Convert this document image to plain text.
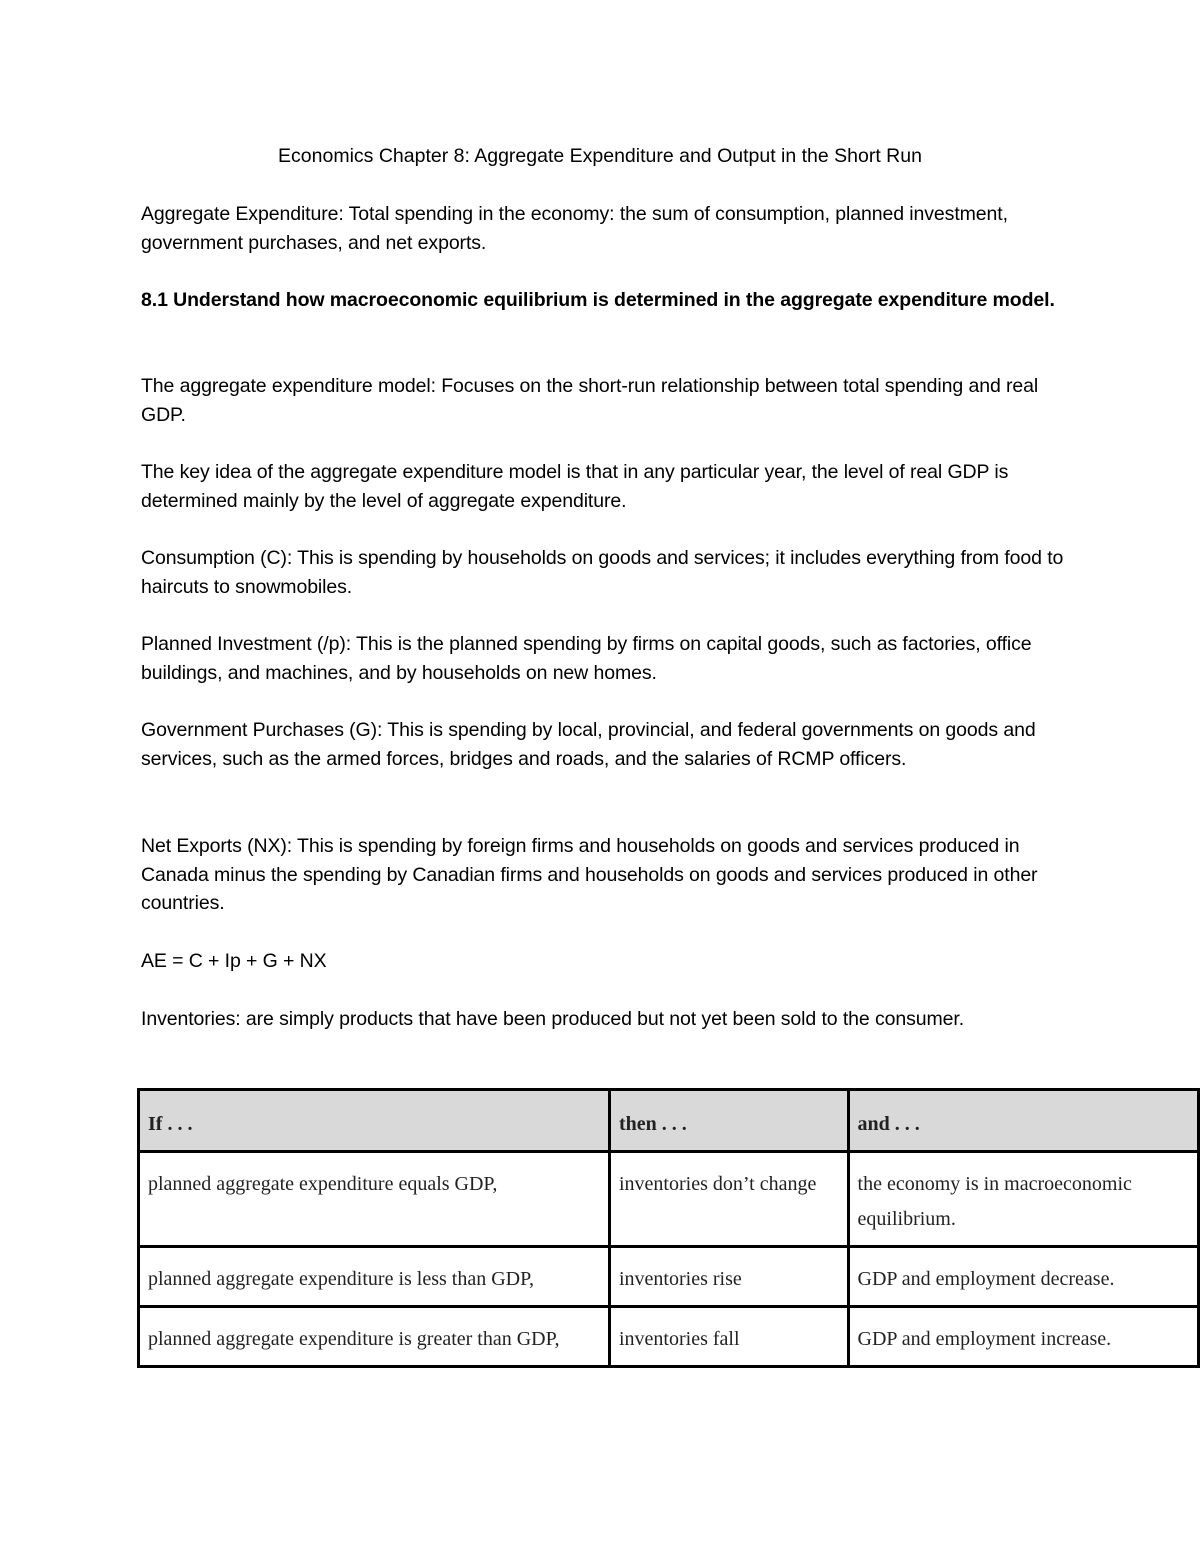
Economics Chapter 8: Aggregate Expenditure and Output in the Short Run
Aggregate Expenditure: Total spending in the economy: the sum of consumption, planned investment, government purchases, and net exports.
8.1 Understand how macroeconomic equilibrium is determined in the aggregate expenditure model.
The aggregate expenditure model: Focuses on the short-run relationship between total spending and real GDP.
The key idea of the aggregate expenditure model is that in any particular year, the level of real GDP is determined mainly by the level of aggregate expenditure.
Consumption (C): This is spending by households on goods and services; it includes everything from food to haircuts to snowmobiles.
Planned Investment (/p): This is the planned spending by firms on capital goods, such as factories, office buildings, and machines, and by households on new homes.
Government Purchases (G): This is spending by local, provincial, and federal governments on goods and services, such as the armed forces, bridges and roads, and the salaries of RCMP officers.
Net Exports (NX): This is spending by foreign firms and households on goods and services produced in Canada minus the spending by Canadian firms and households on goods and services produced in other countries.
AE = C + Ip + G + NX
Inventories: are simply products that have been produced but not yet been sold to the consumer.
If . . .	then . . .	and . . .
planned aggregate expenditure equals GDP,	inventories don’t change	the economy is in macroeconomic equilibrium.
planned aggregate expenditure is less than GDP,	inventories rise	GDP and employment decrease.
planned aggregate expenditure is greater than GDP,	inventories fall	GDP and employment increase.
